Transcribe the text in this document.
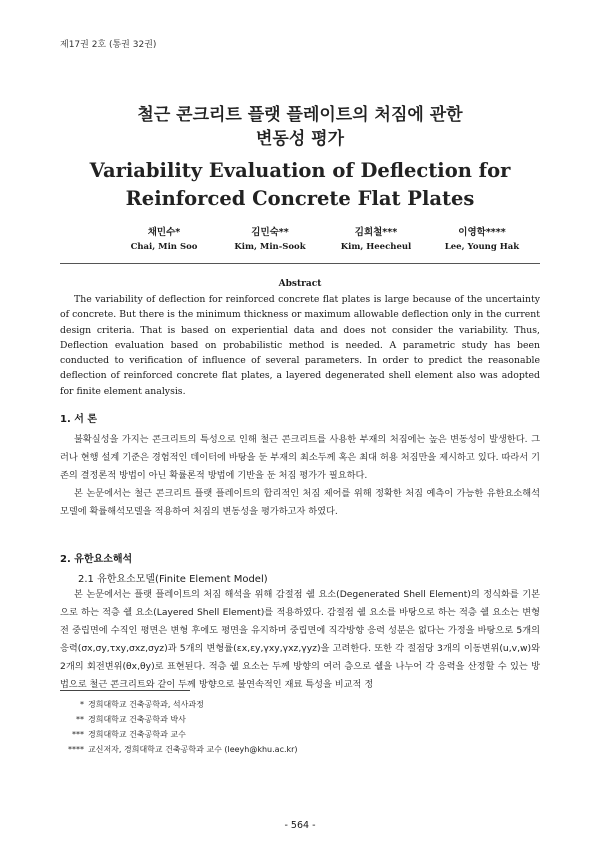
제17권 2호 (통권 32권)
철근 콘크리트 플랫 플레이트의 처짐에 관한
변동성 평가
Variability Evaluation of Deflection for Reinforced Concrete Flat Plates
채민수*
Chai, Min Soo
김민숙**
Kim, Min-Sook
김희철***
Kim, Heecheul
이영학****
Lee, Young Hak
Abstract
The variability of deflection for reinforced concrete flat plates is large because of the uncertainty of concrete. But there is the minimum thickness or maximum allowable deflection only in the current design criteria. That is based on experiential data and does not consider the variability. Thus, Deflection evaluation based on probabilistic method is needed. A parametric study has been conducted to verification of influence of several parameters. In order to predict the reasonable deflection of reinforced concrete flat plates, a layered degenerated shell element also was adopted for finite element analysis.
1. 서 론

불확실성을 가지는 콘크리트의 특성으로 인해 철근 콘크리트를 사용한 부재의 처짐에는 높은 변동성이 발생한다. 그러나 현행 설계 기준은 경험적인 데이터에 바탕을 둔 부재의 최소두께 혹은 최대 허용 처짐만을 제시하고 있다. 따라서 기존의 결정론적 방법이 아닌 확률론적 방법에 기반을 둔 처짐 평가가 필요하다.

본 논문에서는 철근 콘크리트 플랫 플레이트의 합리적인 처짐 제어를 위해 정확한 처짐 예측이 가능한 유한요소해석모델에 확률해석모델을 적용하여 처짐의 변동성을 평가하고자 하였다.

2. 유한요소해석
2.1 유한요소모델(Finite Element Model)

본 논문에서는 플랫 플레이트의 처짐 해석을 위해 감절점 쉘 요소(Degenerated Shell Element)의 정식화를 기본으로 하는 적층 쉘 요소(Layered Shell Element)를 적용하였다. 감절점 쉘 요소를 바탕으로 하는 적층 쉘 요소는 변형 전 중립면에 수직인 평면은 변형 후에도 평면을 유지하며 중립면에 직각방향 응력 성분은 없다는 가정을 바탕으로 5개의 응력(σx,σy,τxy,σxz,σyz)과 5개의 변형률(εx,εy,γxy,γxz,γyz)을 고려한다. 또한 각 절점당 3개의 이동변위(u,v,w)와 2개의 회전변위(θx,θy)로 표현된다. 적층 쉘 요소는 두께 방향의 여러 층으로 쉘을 나누어 각 응력을 산정할 수 있는 방법으로 철근 콘크리트와 같이 두께 방향으로 불연속적인 재료 특성을 비교적 정

* 경희대학교 건축공학과, 석사과정
** 경희대학교 건축공학과 박사
*** 경희대학교 건축공학과 교수
**** 교신저자, 경희대학교 건축공학과 교수 (leeyh@khu.ac.kr)
- 564 -
